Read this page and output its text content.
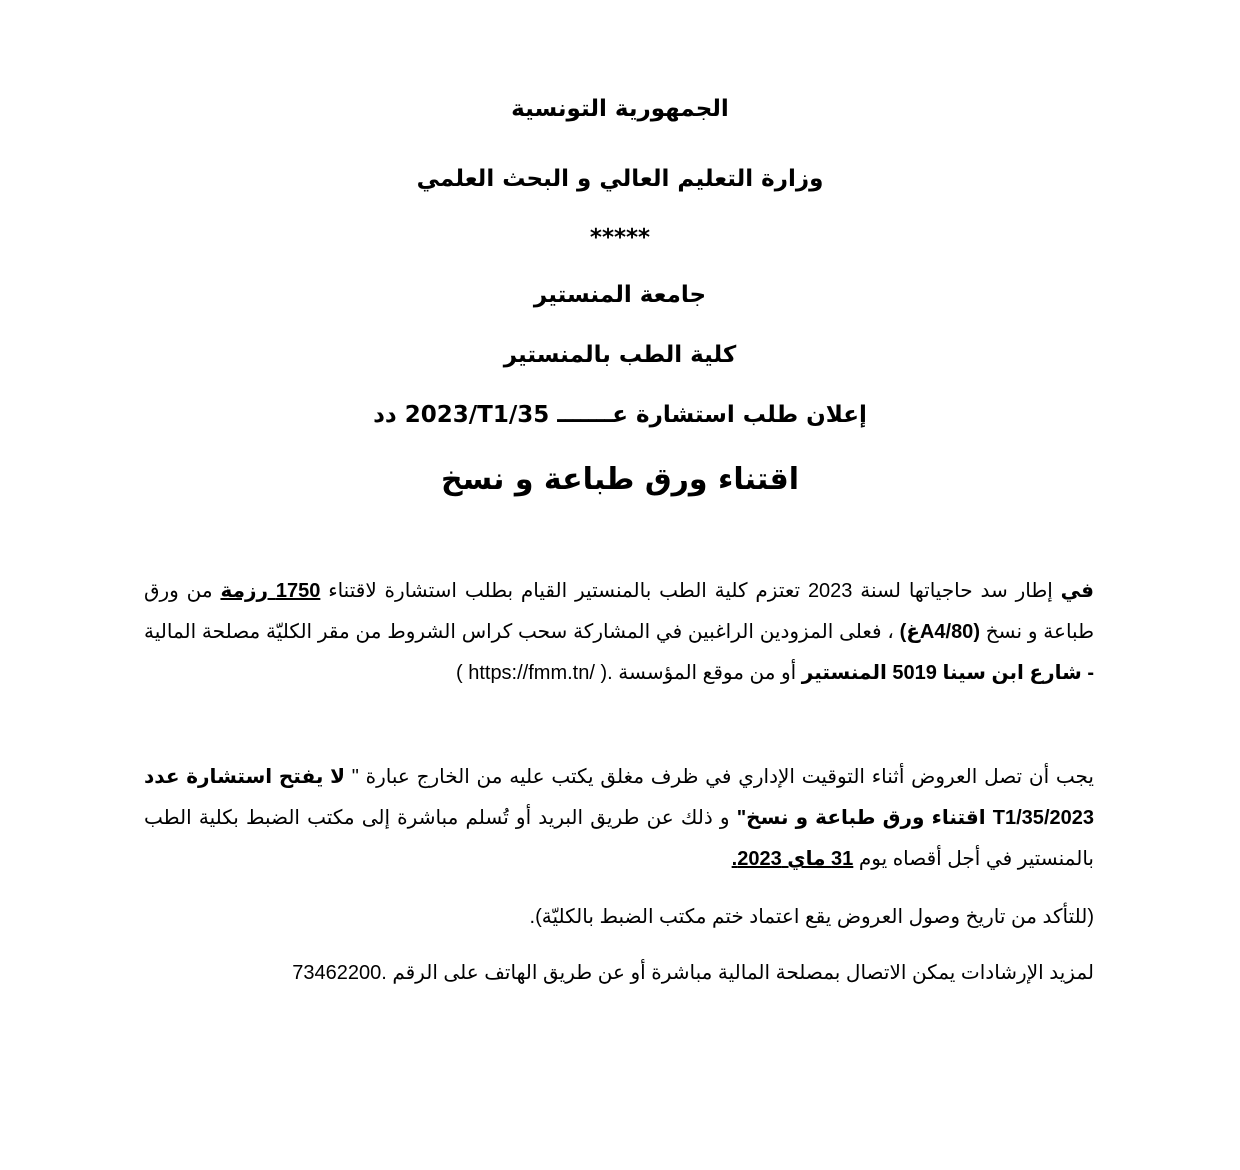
الجمهورية التونسية
وزارة التعليم العالي و البحث العلمي
*****
جامعة المنستير
كلية الطب بالمنستير
إعلان طلب استشارة عـــــــ 2023/T1/35 دد
اقتناء ورق طباعة و نسخ
في إطار سد حاجياتها لسنة 2023 تعتزم كلية الطب بالمنستير القيام بطلب استشارة لاقتناء 1750 رزمة من ورق طباعة و نسخ (80/A4غ) ، فعلى المزودين الراغبين في المشاركة سحب كراس الشروط من مقر الكليّة مصلحة المالية - شارع ابن سينا 5019 المنستير أو من موقع المؤسسة ( https://fmm.tn/ ).
يجب أن تصل العروض أثناء التوقيت الإداري في ظرف مغلق يكتب عليه من الخارج عبارة " لا يفتح استشارة عدد 2023/T1/35 اقتناء ورق طباعة و نسخ" و ذلك عن طريق البريد أو تُسلم مباشرة إلى مكتب الضبط بكلية الطب بالمنستير في أجل أقصاه يوم 31 ماي 2023.
(للتأكد من تاريخ وصول العروض يقع اعتماد ختم مكتب الضبط بالكليّة).
لمزيد الإرشادات يمكن الاتصال بمصلحة المالية مباشرة أو عن طريق الهاتف على الرقم 73462200.
